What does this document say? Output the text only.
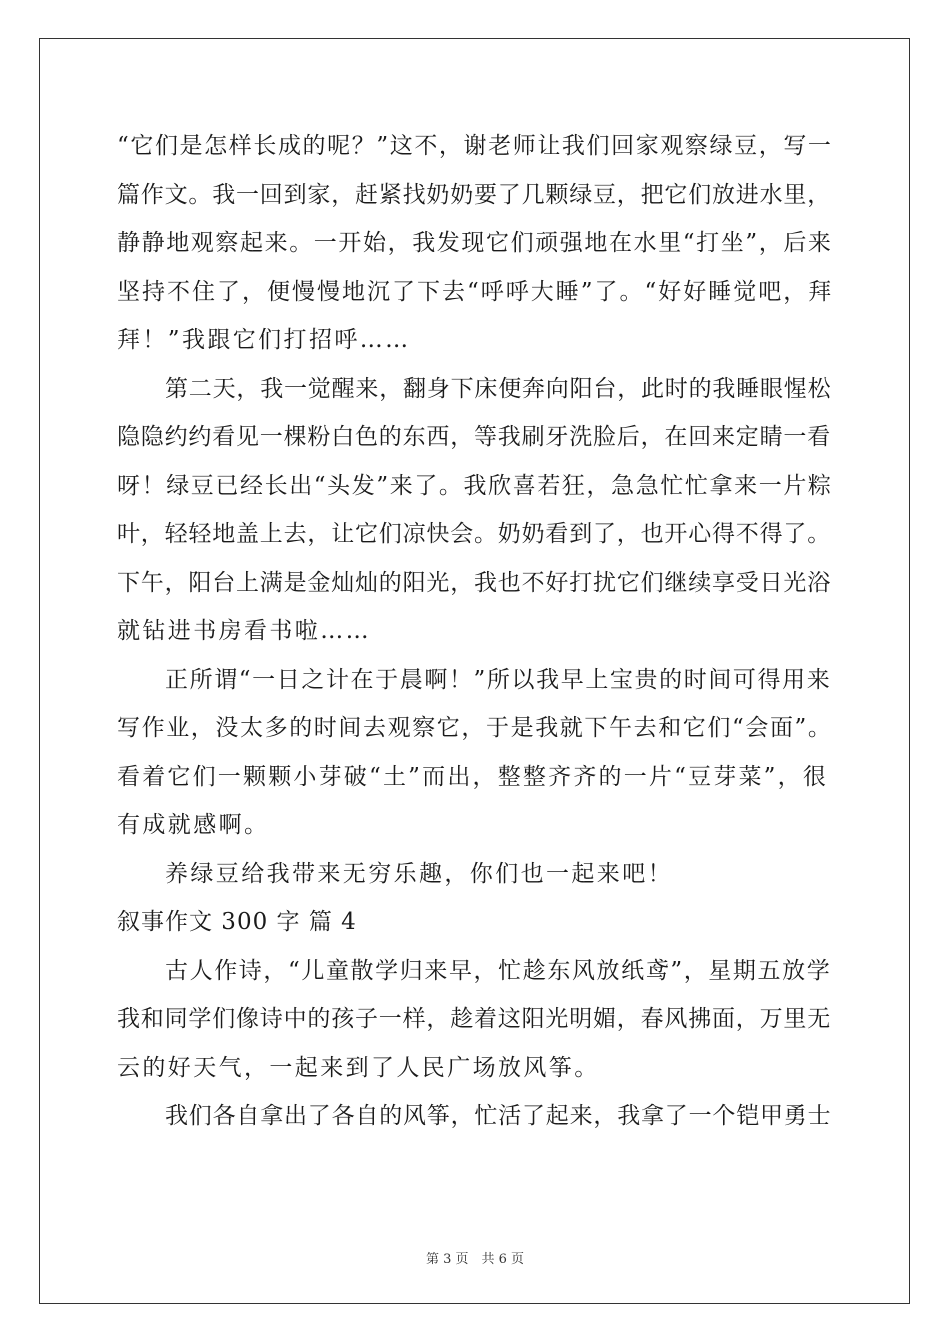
“它们是怎样长成的呢？”这不，谢老师让我们回家观察绿豆，写一
篇作文。我一回到家，赶紧找奶奶要了几颗绿豆，把它们放进水里，
静静地观察起来。一开始，我发现它们顽强地在水里“打坐”，后来
坚持不住了，便慢慢地沉了下去“呼呼大睡”了。“好好睡觉吧，拜
拜！”我跟它们打招呼……
第二天，我一觉醒来，翻身下床便奔向阳台，此时的我睡眼惺松
隐隐约约看见一棵粉白色的东西，等我刷牙洗脸后，在回来定睛一看
呀！绿豆已经长出“头发”来了。我欣喜若狂，急急忙忙拿来一片粽
叶，轻轻地盖上去，让它们凉快会。奶奶看到了，也开心得不得了。
下午，阳台上满是金灿灿的阳光，我也不好打扰它们继续享受日光浴
就钻进书房看书啦……
正所谓“一日之计在于晨啊！”所以我早上宝贵的时间可得用来
写作业，没太多的时间去观察它，于是我就下午去和它们“会面”。
看着它们一颗颗小芽破“土”而出，整整齐齐的一片“豆芽菜”，很
有成就感啊。
养绿豆给我带来无穷乐趣，你们也一起来吧！
叙事作文 300 字 篇 4
古人作诗，“儿童散学归来早，忙趁东风放纸鸢”，星期五放学
我和同学们像诗中的孩子一样，趁着这阳光明媚，春风拂面，万里无
云的好天气，一起来到了人民广场放风筝。
我们各自拿出了各自的风筝，忙活了起来，我拿了一个铠甲勇士
第 3 页　共 6 页
